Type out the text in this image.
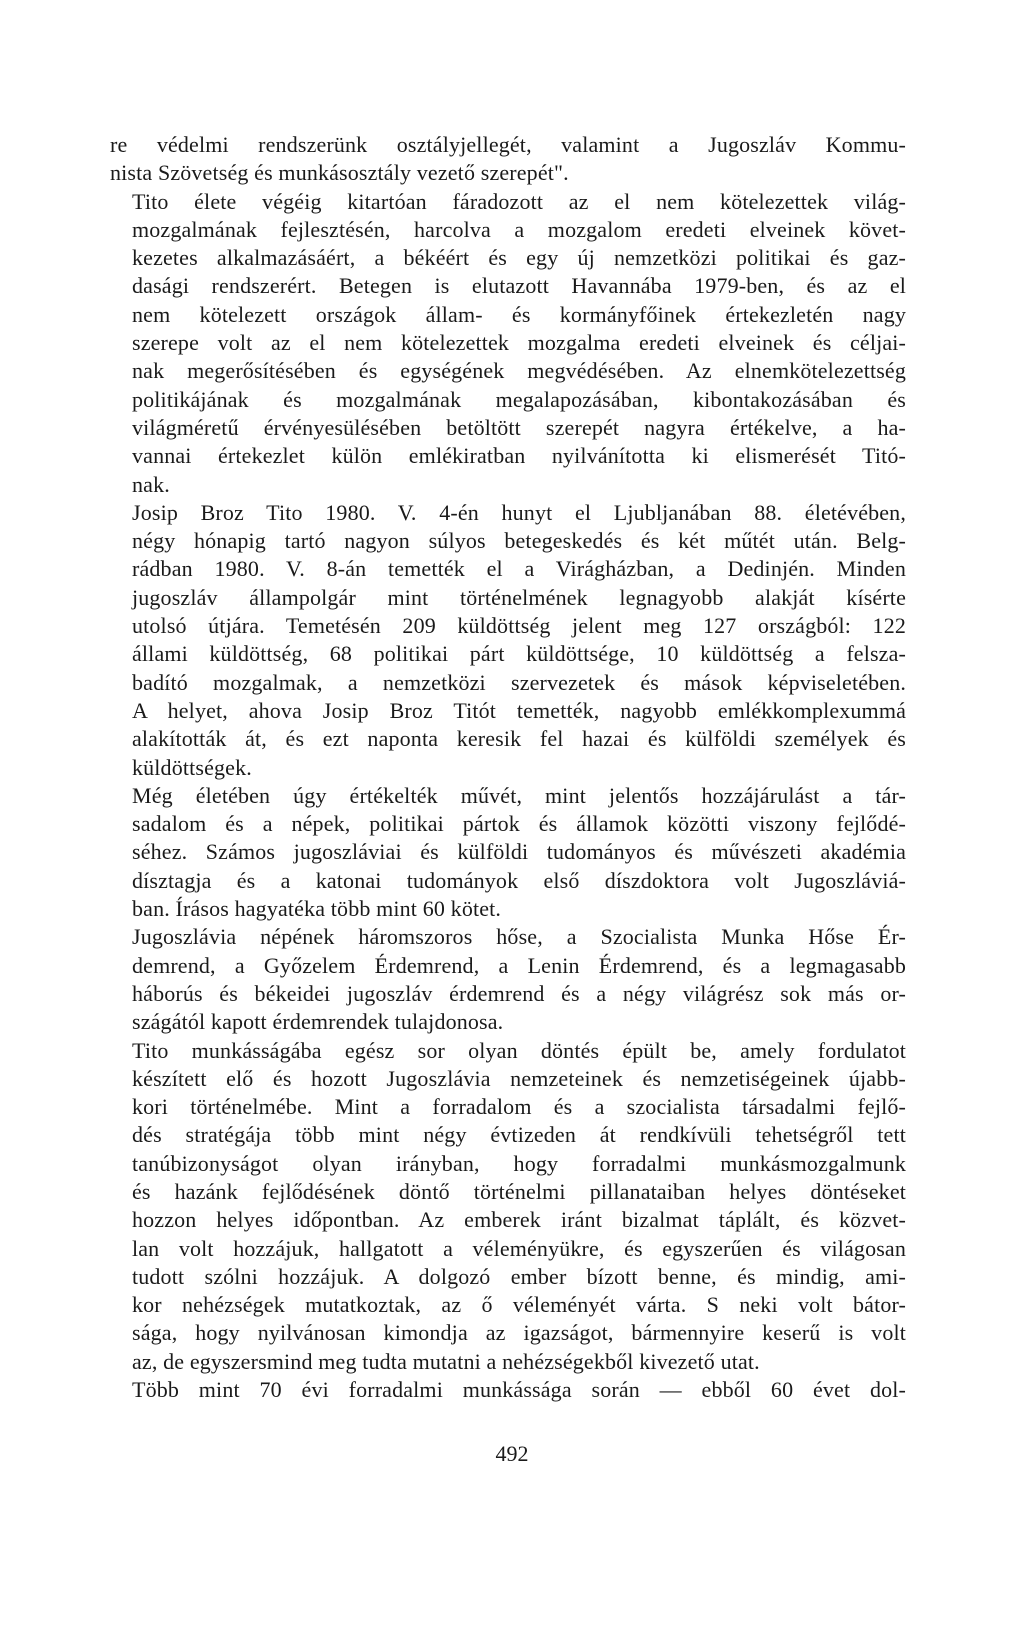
re védelmi rendszerünk osztályjellegét, valamint a Jugoszláv Kommu-
nista Szövetség és munkásosztály vezető szerepét".

Tito élete végéig kitartóan fáradozott az el nem kötelezettek világ-
mozgalmának fejlesztésén, harcolva a mozgalom eredeti elveinek követ-
kezetes alkalmazásáért, a békéért és egy új nemzetközi politikai és gaz-
dasági rendszerért. Betegen is elutazott Havannába 1979-ben, és az el
nem kötelezett országok állam- és kormányfőinek értekezletén nagy
szerepe volt az el nem kötelezettek mozgalma eredeti elveinek és céljai-
nak megerősítésében és egységének megvédésében. Az elnemkötelezettség
politikájának és mozgalmának megalapozásában, kibontakozásában és
világméretű érvényesülésében betöltött szerepét nagyra értékelve, a ha-
vannai értekezlet külön emlékiratban nyilvánította ki elismerését Titó-
nak.

Josip Broz Tito 1980. V. 4-én hunyt el Ljubljanában 88. életévében,
négy hónapig tartó nagyon súlyos betegeskedés és két műtét után. Belg-
rádban 1980. V. 8-án temették el a Virágházban, a Dedinjén. Minden
jugoszláv állampolgár mint történelmének legnagyobb alakját kísérte
utolsó útjára. Temetésén 209 küldöttség jelent meg 127 országból: 122
állami küldöttség, 68 politikai párt küldöttsége, 10 küldöttség a felsza-
badító mozgalmak, a nemzetközi szervezetek és mások képviseletében.
A helyet, ahova Josip Broz Titót temették, nagyobb emlékkomplexummá
alakították át, és ezt naponta keresik fel hazai és külföldi személyek és
küldöttségek.

Még életében úgy értékelték művét, mint jelentős hozzájárulást a tár-
sadalom és a népek, politikai pártok és államok közötti viszony fejlődé-
séhez. Számos jugoszláviai és külföldi tudományos és művészeti akadémia
dísztagja és a katonai tudományok első díszdoktora volt Jugoszláviá-
ban. Írásos hagyatéka több mint 60 kötet.

Jugoszlávia népének háromszoros hőse, a Szocialista Munka Hőse Ér-
demrend, a Győzelem Érdemrend, a Lenin Érdemrend, és a legmagasabb
háborús és békeidei jugoszláv érdemrend és a négy világrész sok más or-
szágától kapott érdemrendek tulajdonosa.

Tito munkásságába egész sor olyan döntés épült be, amely fordulatot
készített elő és hozott Jugoszlávia nemzeteinek és nemzetiségeinek újabb-
kori történelmébe. Mint a forradalom és a szocialista társadalmi fejlő-
dés stratégája több mint négy évtizeden át rendkívüli tehetségről tett
tanúbizonyságot olyan irányban, hogy forradalmi munkásmozgalmunk
és hazánk fejlődésének döntő történelmi pillanataiban helyes döntéseket
hozzon helyes időpontban. Az emberek iránt bizalmat táplált, és közvet-
lan volt hozzájuk, hallgatott a véleményükre, és egyszerűen és világosan
tudott szólni hozzájuk. A dolgozó ember bízott benne, és mindig, ami-
kor nehézségek mutatkoztak, az ő véleményét várta. S neki volt bátor-
sága, hogy nyilvánosan kimondja az igazságot, bármennyire keserű is volt
az, de egyszersmind meg tudta mutatni a nehézségekből kivezető utat.

Több mint 70 évi forradalmi munkássága során — ebből 60 évet dol-

492
